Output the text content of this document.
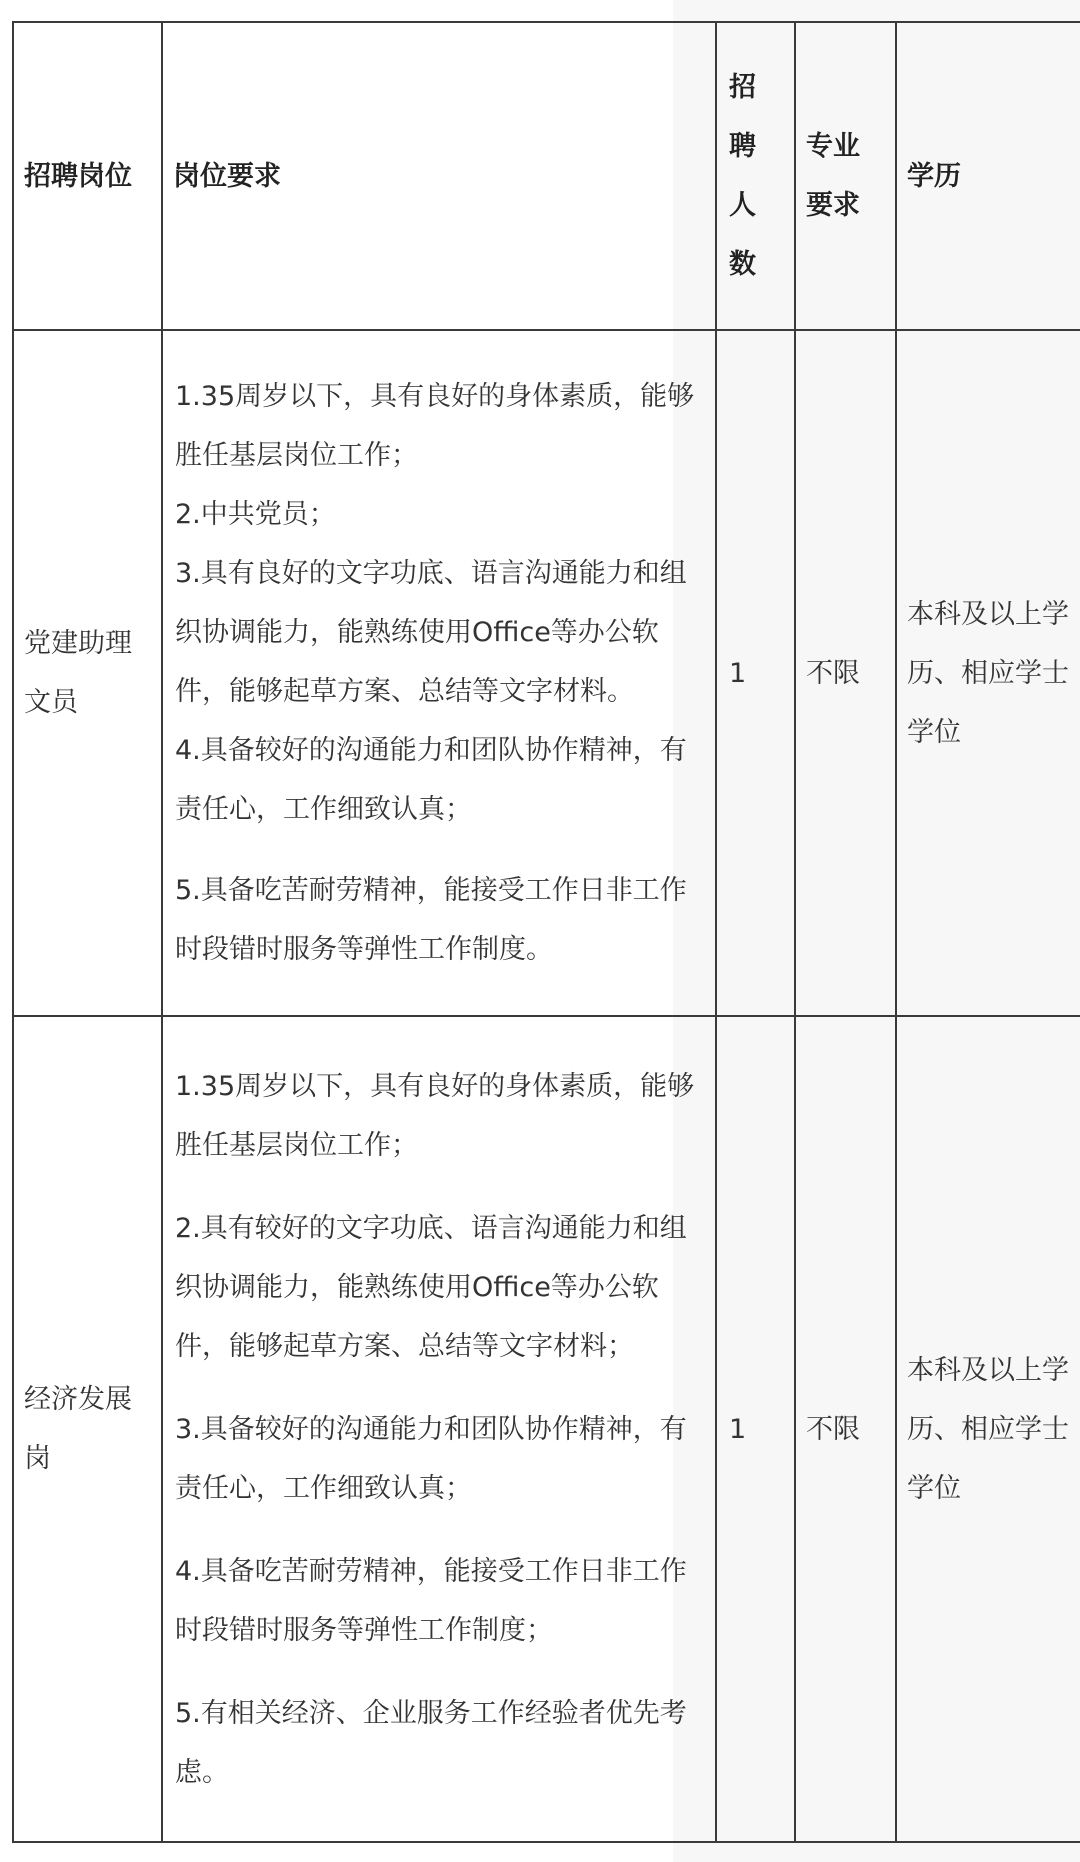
招聘岗位	岗位要求	招
聘
人
数	专业要求	学历

党建助理文员	1.35周岁以下，具有良好的身体素质，能够胜任基层岗位工作；

2.中共党员；

3.具有良好的文字功底、语言沟通能力和组织协调能力，能熟练使用Office等办公软件，能够起草方案、总结等文字材料。

4.具备较好的沟通能力和团队协作精神，有责任心，工作细致认真；

5.具备吃苦耐劳精神，能接受工作日非工作时段错时服务等弹性工作制度。	1	不限	本科及以上学历、相应学士学位

经济发展岗	1.35周岁以下，具有良好的身体素质，能够胜任基层岗位工作；

2.具有较好的文字功底、语言沟通能力和组织协调能力，能熟练使用Office等办公软件，能够起草方案、总结等文字材料；

3.具备较好的沟通能力和团队协作精神，有责任心，工作细致认真；

4.具备吃苦耐劳精神，能接受工作日非工作时段错时服务等弹性工作制度；

5.有相关经济、企业服务工作经验者优先考虑。	1	不限	本科及以上学历、相应学士学位
